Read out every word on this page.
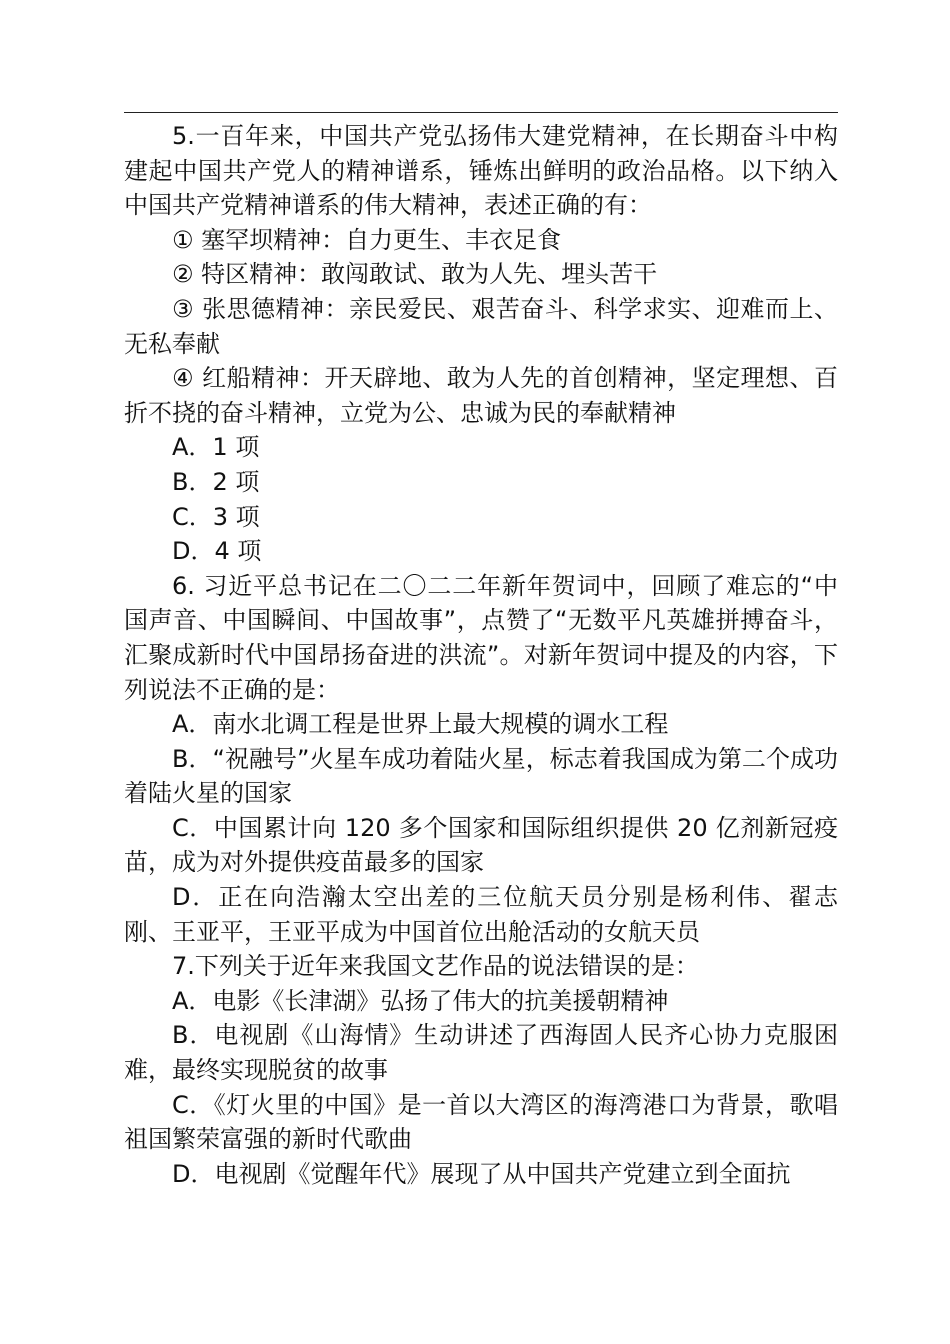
5.一百年来，中国共产党弘扬伟大建党精神，在长期奋斗中构建起中国共产党人的精神谱系，锤炼出鲜明的政治品格。以下纳入中国共产党精神谱系的伟大精神，表述正确的有：

① 塞罕坝精神：自力更生、丰衣足食

② 特区精神：敢闯敢试、敢为人先、埋头苦干

③ 张思德精神：亲民爱民、艰苦奋斗、科学求实、迎难而上、无私奉献

④ 红船精神：开天辟地、敢为人先的首创精神，坚定理想、百折不挠的奋斗精神，立党为公、忠诚为民的奉献精神

A．1 项

B．2 项

C．3 项

D．4 项

6. 习近平总书记在二〇二二年新年贺词中，回顾了难忘的“中国声音、中国瞬间、中国故事”，点赞了“无数平凡英雄拼搏奋斗，汇聚成新时代中国昂扬奋进的洪流”。对新年贺词中提及的内容，下列说法不正确的是：

A．南水北调工程是世界上最大规模的调水工程

B．“祝融号”火星车成功着陆火星，标志着我国成为第二个成功着陆火星的国家

C．中国累计向 120 多个国家和国际组织提供 20 亿剂新冠疫苗，成为对外提供疫苗最多的国家

D．正在向浩瀚太空出差的三位航天员分别是杨利伟、翟志刚、王亚平，王亚平成为中国首位出舱活动的女航天员

7.下列关于近年来我国文艺作品的说法错误的是：

A．电影《长津湖》弘扬了伟大的抗美援朝精神

B．电视剧《山海情》生动讲述了西海固人民齐心协力克服困难，最终实现脱贫的故事

C．《灯火里的中国》是一首以大湾区的海湾港口为背景，歌唱祖国繁荣富强的新时代歌曲

D．电视剧《觉醒年代》展现了从中国共产党建立到全面抗
